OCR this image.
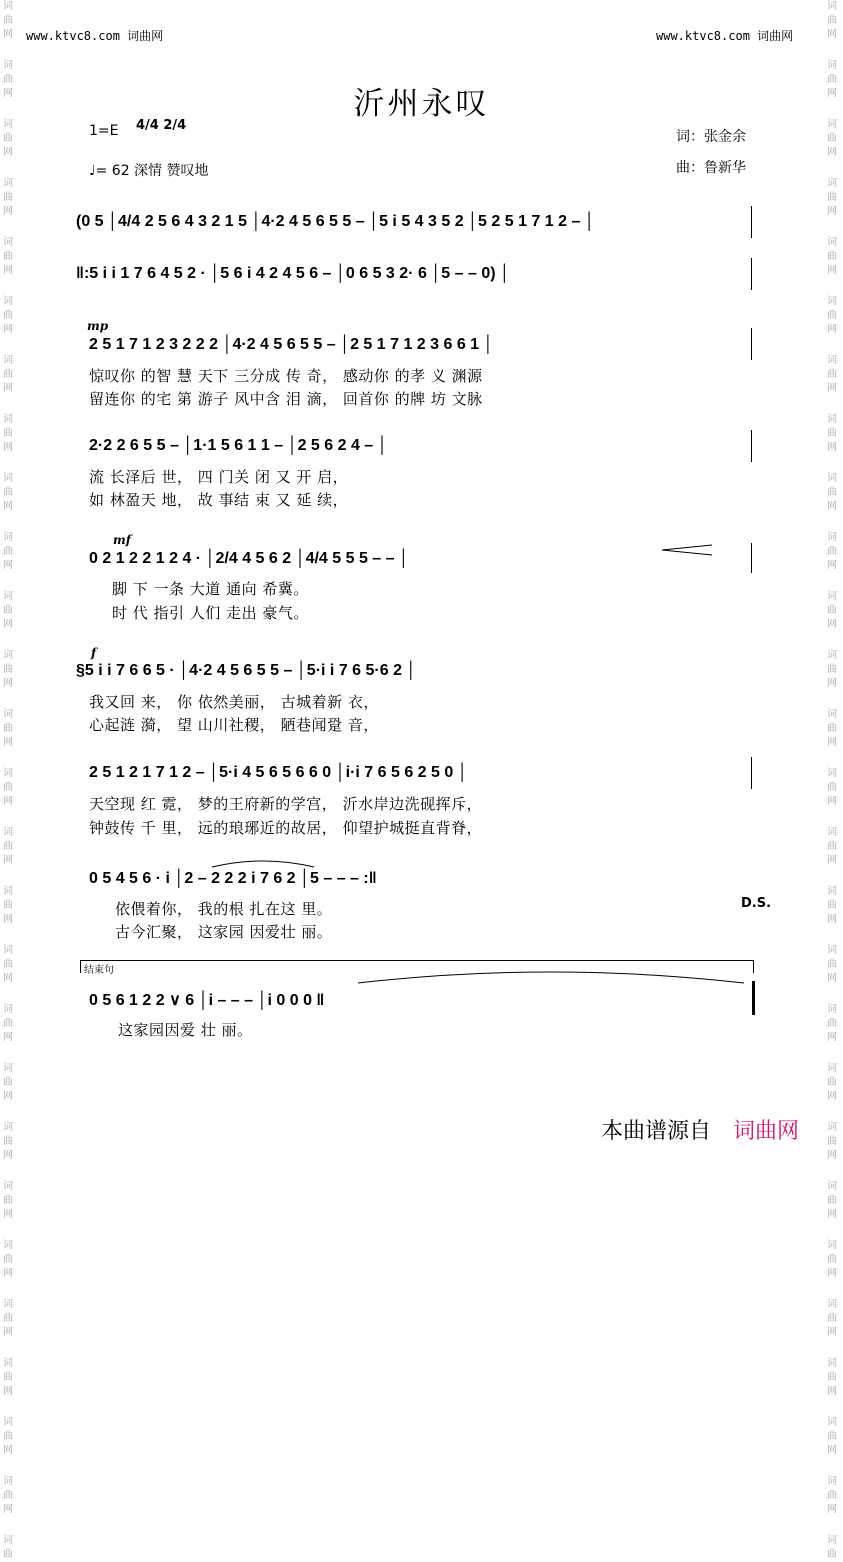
词
曲
网
词
曲
网
词
曲
网
词
曲
网
词
曲
网
词
曲
网
词
曲
网
词
曲
网
词
曲
网
词
曲
网
词
曲
网
词
曲
网
词
曲
网
词
曲
网
词
曲
网
词
曲
网
词
曲
网
词
曲
网
词
曲
网
词
曲
网
词
曲
网
词
曲
网
词
曲
网
词
曲
网
词
曲
网
词
曲
网
词
曲
词
曲
网
词
曲
网
词
曲
网
词
曲
网
词
曲
网
词
曲
网
词
曲
网
词
曲
网
词
曲
网
词
曲
网
词
曲
网
词
曲
网
词
曲
网
词
曲
网
词
曲
网
词
曲
网
词
曲
网
词
曲
网
词
曲
网
词
曲
网
词
曲
网
词
曲
网
词
曲
网
词
曲
网
词
曲
网
词
曲
网
词
曲
www.ktvc8.com 词曲网	www.ktvc8.com 词曲网
沂州永叹
1=E 4/4 2/4
♩= 62 深情 赞叹地
词：张金余
曲：鲁新华
(0 5 │4/4 2 5 6 4 3 2 1 5 │4·2 4 5 6 5 5 – │5 i 5 4 3 5 2 │5 2 5 1 7 1 2 – │
‖:5 i i 1 7 6 4 5 2 · │5 6 i 4 2 4 5 6 – │0 6 5 3 2· 6 │5 – – 0) │
mp
2 5 1 7 1 2 3 2 2 2 │4·2 4 5 6 5 5 – │2 5 1 7 1 2 3 6 6 1 │
惊叹你 的智 慧 天下 三分成 传 奇， 感动你 的孝 义 渊源
留连你 的宅 第 游子 风中含 泪 滴， 回首你 的牌 坊 文脉
2·2 2 6 5 5 – │1·1 5 6 1 1 – │2 5 6 2 4 – │
流 长泽后 世， 四 门关 闭 又 开 启，
如 林盈天 地， 故 事结 束 又 延 续，
mf
0 2 1 2 2 1 2 4 · │2/4 4 5 6 2 │4/4 5 5 5 – – │
脚 下 一条 大道 通向 希冀。
时 代 指引 人们 走出 豪气。
f
§5 i i 7 6 6 5 · │4·2 4 5 6 5 5 – │5·i i 7 6 5·6 2 │
我又回 来， 你 依然美丽， 古城着新 衣，
心起涟 漪， 望 山川社稷， 陋巷闻跫 音，
2 5 1 2 1 7 1 2 – │5·i 4 5 6 5 6 6 0 │i·i 7 6 5 6 2 5 0 │
天空现 红 霓， 梦的王府新的学宫， 沂水岸边洗砚挥斥，
钟鼓传 千 里， 远的琅琊近的故居， 仰望护城挺直背脊，
0 5 4 5 6 · i │2 – 2 2 2 i 7 6 2 │5 – – – :‖
依偎着你， 我的根 扎在这 里。
古今汇聚， 这家园 因爱壮 丽。
D.S.
结束句
0 5 6 1 2 2 ∨ 6 │i – – – │i 0 0 0 ‖
这家园因爱 壮 丽。
本曲谱源自 词曲网
